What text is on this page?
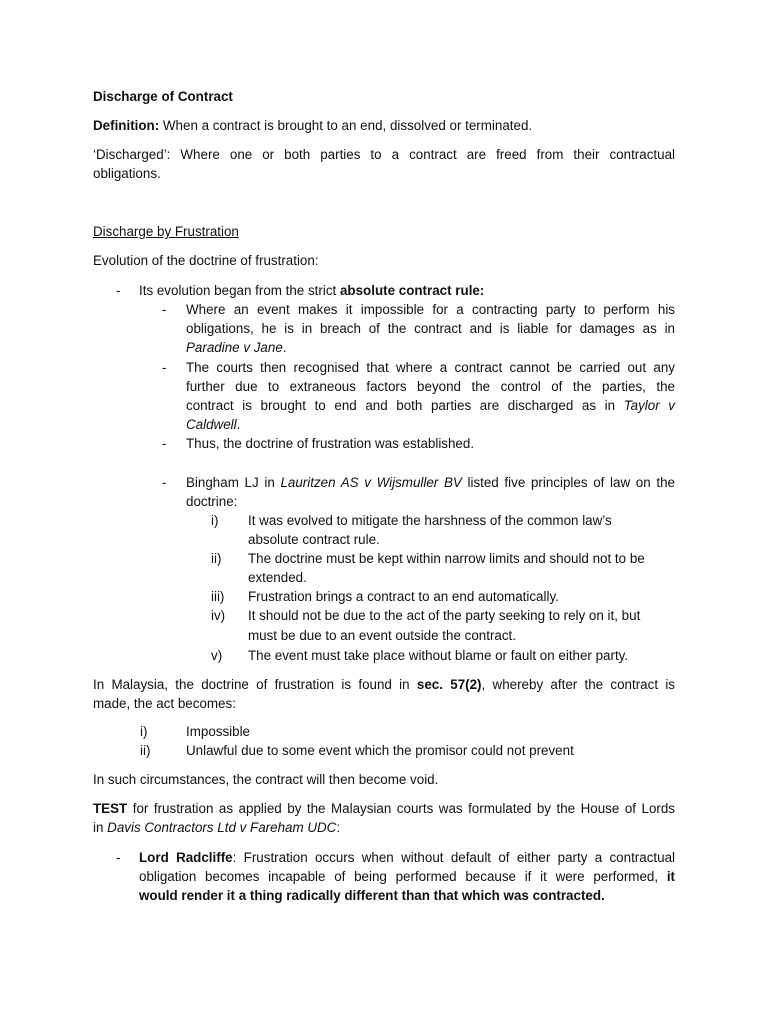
Discharge of Contract
Definition: When a contract is brought to an end, dissolved or terminated.
‘Discharged’: Where one or both parties to a contract are freed from their contractual
obligations.
Discharge by Frustration
Evolution of the doctrine of frustration:
-	Its evolution began from the strict absolute contract rule:
-	Where an event makes it impossible for a contracting party to perform his
obligations, he is in breach of the contract and is liable for damages as in
Paradine v Jane.
-	The courts then recognised that where a contract cannot be carried out any
further due to extraneous factors beyond the control of the parties, the
contract is brought to end and both parties are discharged as in Taylor v
Caldwell.
-	Thus, the doctrine of frustration was established.
-	Bingham LJ in Lauritzen AS v Wijsmuller BV listed five principles of law on the
doctrine:
i) It was evolved to mitigate the harshness of the common law’s
absolute contract rule.
ii) The doctrine must be kept within narrow limits and should not to be
extended.
iii) Frustration brings a contract to an end automatically.
iv) It should not be due to the act of the party seeking to rely on it, but
must be due to an event outside the contract.
v) The event must take place without blame or fault on either party.
In Malaysia, the doctrine of frustration is found in sec. 57(2), whereby after the contract is
made, the act becomes:
i)	Impossible
ii)	Unlawful due to some event which the promisor could not prevent
In such circumstances, the contract will then become void.
TEST for frustration as applied by the Malaysian courts was formulated by the House of Lords
in Davis Contractors Ltd v Fareham UDC:
-	Lord Radcliffe: Frustration occurs when without default of either party a contractual
obligation becomes incapable of being performed because if it were performed, it
would render it a thing radically different than that which was contracted.
